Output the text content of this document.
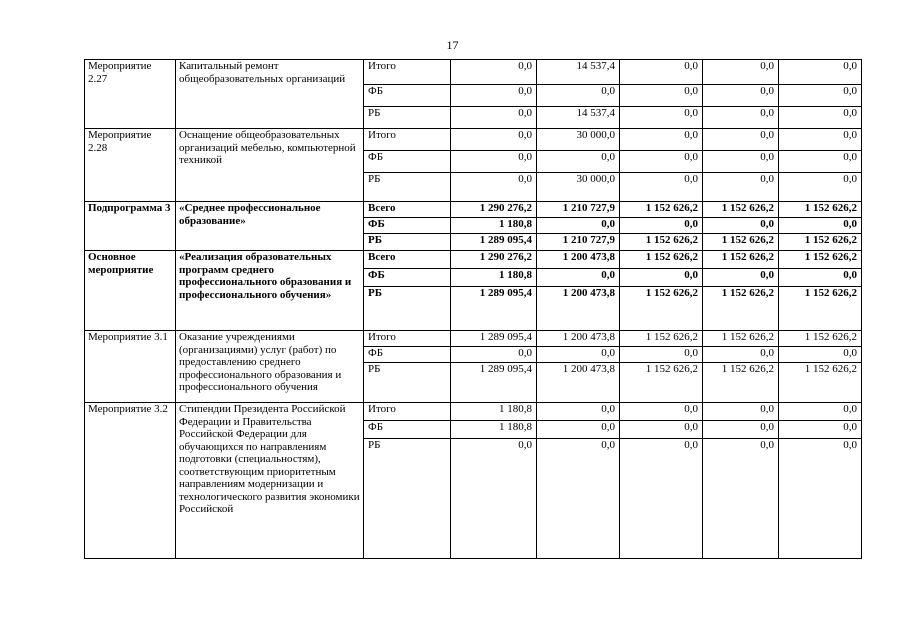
17
Мероприятие 2.27	Капитальный ремонт общеобразовательных организаций	Итого	0,0	14 537,4	0,0	0,0	0,0
		ФБ	0,0	0,0	0,0	0,0	0,0
		РБ	0,0	14 537,4	0,0	0,0	0,0
Мероприятие 2.28	Оснащение общеобразовательных организаций мебелью, компьютерной техникой	Итого	0,0	30 000,0	0,0	0,0	0,0
		ФБ	0,0	0,0	0,0	0,0	0,0
		РБ	0,0	30 000,0	0,0	0,0	0,0
Подпрограмма 3	«Среднее профессиональное образование»	Всего	1 290 276,2	1 210 727,9	1 152 626,2	1 152 626,2	1 152 626,2
		ФБ	1 180,8	0,0	0,0	0,0	0,0
		РБ	1 289 095,4	1 210 727,9	1 152 626,2	1 152 626,2	1 152 626,2
Основное мероприятие	«Реализация образовательных программ среднего профессионального образования и профессионального обучения»	Всего	1 290 276,2	1 200 473,8	1 152 626,2	1 152 626,2	1 152 626,2
		ФБ	1 180,8	0,0	0,0	0,0	0,0
		РБ	1 289 095,4	1 200 473,8	1 152 626,2	1 152 626,2	1 152 626,2
Мероприятие 3.1	Оказание учреждениями (организациями) услуг (работ) по предоставлению среднего профессионального образования и профессионального обучения	Итого	1 289 095,4	1 200 473,8	1 152 626,2	1 152 626,2	1 152 626,2
		ФБ	0,0	0,0	0,0	0,0	0,0
		РБ	1 289 095,4	1 200 473,8	1 152 626,2	1 152 626,2	1 152 626,2
Мероприятие 3.2	Стипендии Президента Российской Федерации и Правительства Российской Федерации для обучающихся по направлениям подготовки (специальностям), соответствующим приоритетным направлениям модернизации и технологического развития экономики Российской	Итого	1 180,8	0,0	0,0	0,0	0,0
		ФБ	1 180,8	0,0	0,0	0,0	0,0
		РБ	0,0	0,0	0,0	0,0	0,0
